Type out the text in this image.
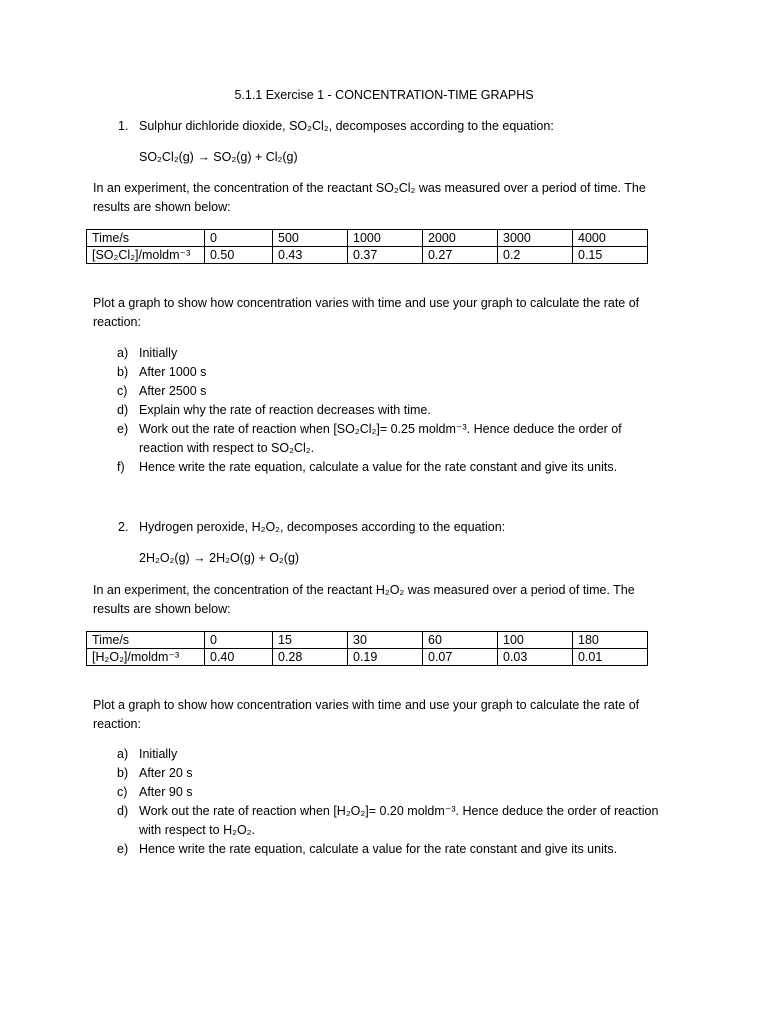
5.1.1 Exercise 1 - CONCENTRATION-TIME GRAPHS
1. Sulphur dichloride dioxide, SO₂Cl₂, decomposes according to the equation:
SO₂Cl₂(g) → SO₂(g) + Cl₂(g)
In an experiment, the concentration of the reactant SO₂Cl₂ was measured over a period of time. The results are shown below:
Time/s	0	500	1000	2000	3000	4000
[SO₂Cl₂]/moldm⁻³	0.50	0.43	0.37	0.27	0.2	0.15
Plot a graph to show how concentration varies with time and use your graph to calculate the rate of reaction:
a) Initially
b) After 1000 s
c) After 2500 s
d) Explain why the rate of reaction decreases with time.
e) Work out the rate of reaction when [SO₂Cl₂]= 0.25 moldm⁻³. Hence deduce the order of reaction with respect to SO₂Cl₂.
f) Hence write the rate equation, calculate a value for the rate constant and give its units.
2. Hydrogen peroxide, H₂O₂, decomposes according to the equation:
2H₂O₂(g) → 2H₂O(g) + O₂(g)
In an experiment, the concentration of the reactant H₂O₂ was measured over a period of time. The results are shown below:
Time/s	0	15	30	60	100	180
[H₂O₂]/moldm⁻³	0.40	0.28	0.19	0.07	0.03	0.01
Plot a graph to show how concentration varies with time and use your graph to calculate the rate of reaction:
a) Initially
b) After 20 s
c) After 90 s
d) Work out the rate of reaction when [H₂O₂]= 0.20 moldm⁻³. Hence deduce the order of reaction with respect to H₂O₂.
e) Hence write the rate equation, calculate a value for the rate constant and give its units.
